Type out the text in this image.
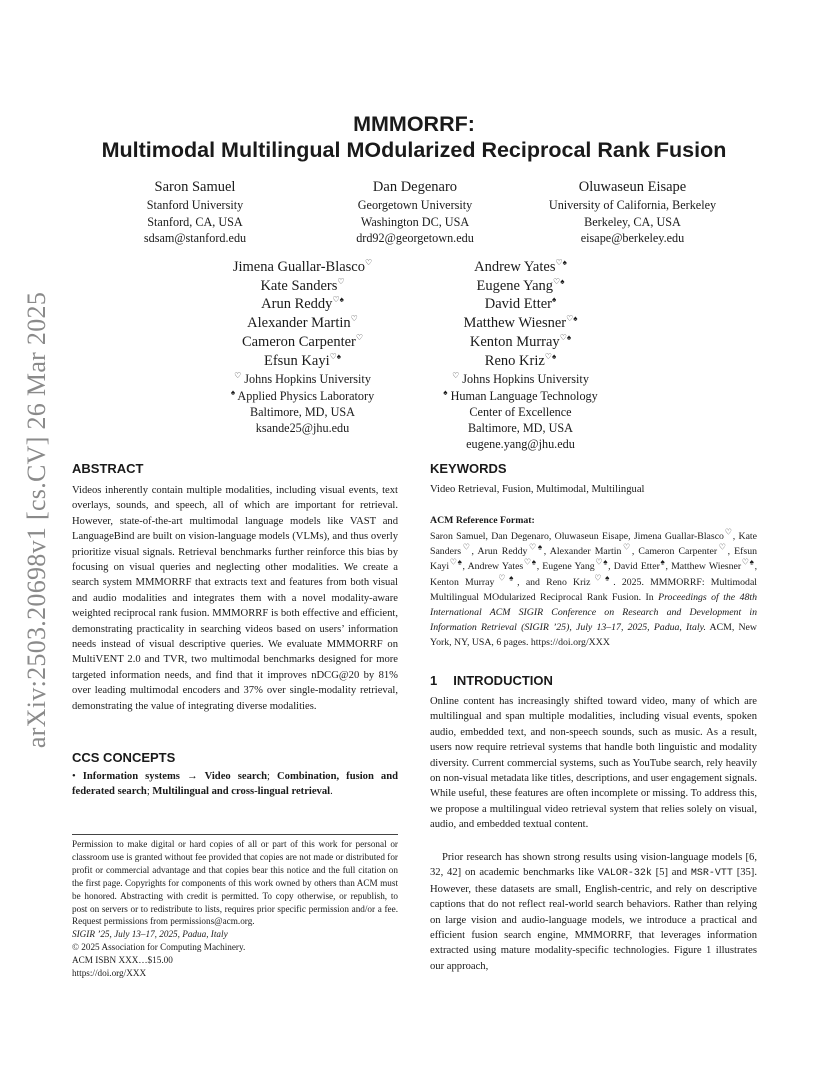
arXiv:2503.20698v1 [cs.CV] 26 Mar 2025
MMMORRF:
Multimodal Multilingual MOdularized Reciprocal Rank Fusion
Saron Samuel
Stanford University
Stanford, CA, USA
sdsam@stanford.edu
Dan Degenaro
Georgetown University
Washington DC, USA
drd92@georgetown.edu
Oluwaseun Eisape
University of California, Berkeley
Berkeley, CA, USA
eisape@berkeley.edu
Jimena Guallar-Blasco♡
Kate Sanders♡
Arun Reddy♡♠
Alexander Martin♡
Cameron Carpenter♡
Efsun Kayi♡♠
♡ Johns Hopkins University
♠ Applied Physics Laboratory
Baltimore, MD, USA
ksande25@jhu.edu
Andrew Yates♡♠
Eugene Yang♡♠
David Etter♠
Matthew Wiesner♡♠
Kenton Murray♡♠
Reno Kriz♡♠
♡ Johns Hopkins University
♠ Human Language Technology
Center of Excellence
Baltimore, MD, USA
eugene.yang@jhu.edu
ABSTRACT
Videos inherently contain multiple modalities, including visual events, text overlays, sounds, and speech, all of which are important for retrieval. However, state-of-the-art multimodal language models like VAST and LanguageBind are built on vision-language models (VLMs), and thus overly prioritize visual signals. Retrieval benchmarks further reinforce this bias by focusing on visual queries and neglecting other modalities. We create a search system MMMORRF that extracts text and features from both visual and audio modalities and integrates them with a novel modality-aware weighted reciprocal rank fusion. MMMORRF is both effective and efficient, demonstrating practicality in searching videos based on users’ information needs instead of visual descriptive queries. We evaluate MMMORRF on MultiVENT 2.0 and TVR, two multimodal benchmarks designed for more targeted information needs, and find that it improves nDCG@20 by 81% over leading multimodal encoders and 37% over single-modality retrieval, demonstrating the value of integrating diverse modalities.
CCS CONCEPTS
• Information systems → Video search; Combination, fusion and federated search; Multilingual and cross-lingual retrieval.
Permission to make digital or hard copies of all or part of this work for personal or classroom use is granted without fee provided that copies are not made or distributed for profit or commercial advantage and that copies bear this notice and the full citation on the first page. Copyrights for components of this work owned by others than ACM must be honored. Abstracting with credit is permitted. To copy otherwise, or republish, to post on servers or to redistribute to lists, requires prior specific permission and/or a fee. Request permissions from permissions@acm.org.
SIGIR ’25, July 13–17, 2025, Padua, Italy
© 2025 Association for Computing Machinery.
ACM ISBN XXX…$15.00
https://doi.org/XXX
KEYWORDS
Video Retrieval, Fusion, Multimodal, Multilingual
ACM Reference Format:
Saron Samuel, Dan Degenaro, Oluwaseun Eisape, Jimena Guallar-Blasco♡, Kate Sanders♡, Arun Reddy♡♠, Alexander Martin♡, Cameron Carpenter♡, Efsun Kayi♡♠, Andrew Yates♡♠, Eugene Yang♡♠, David Etter♠, Matthew Wiesner♡♠, Kenton Murray♡♠, and Reno Kriz♡♠. 2025. MMMORRF: Multimodal Multilingual MOdularized Reciprocal Rank Fusion. In Proceedings of the 48th International ACM SIGIR Conference on Research and Development in Information Retrieval (SIGIR ’25), July 13–17, 2025, Padua, Italy. ACM, New York, NY, USA, 6 pages. https://doi.org/XXX
1 INTRODUCTION
Online content has increasingly shifted toward video, many of which are multilingual and span multiple modalities, including visual events, spoken audio, embedded text, and non-speech sounds, such as music. As a result, users now require retrieval systems that handle both linguistic and modality diversity. Current commercial systems, such as YouTube search, rely heavily on non-visual metadata like titles, descriptions, and user engagement signals. While useful, these features are often incomplete or missing. To address this, we propose a multilingual video retrieval system that relies solely on visual, audio, and embedded textual content.
Prior research has shown strong results using vision-language models [6, 32, 42] on academic benchmarks like VALOR-32k [5] and MSR-VTT [35]. However, these datasets are small, English-centric, and rely on descriptive captions that do not reflect real-world search behaviors. Rather than relying on large vision and audio-language models, we introduce a practical and efficient fusion search engine, MMMORRF, that leverages information extracted using mature modality-specific technologies. Figure 1 illustrates our approach,
